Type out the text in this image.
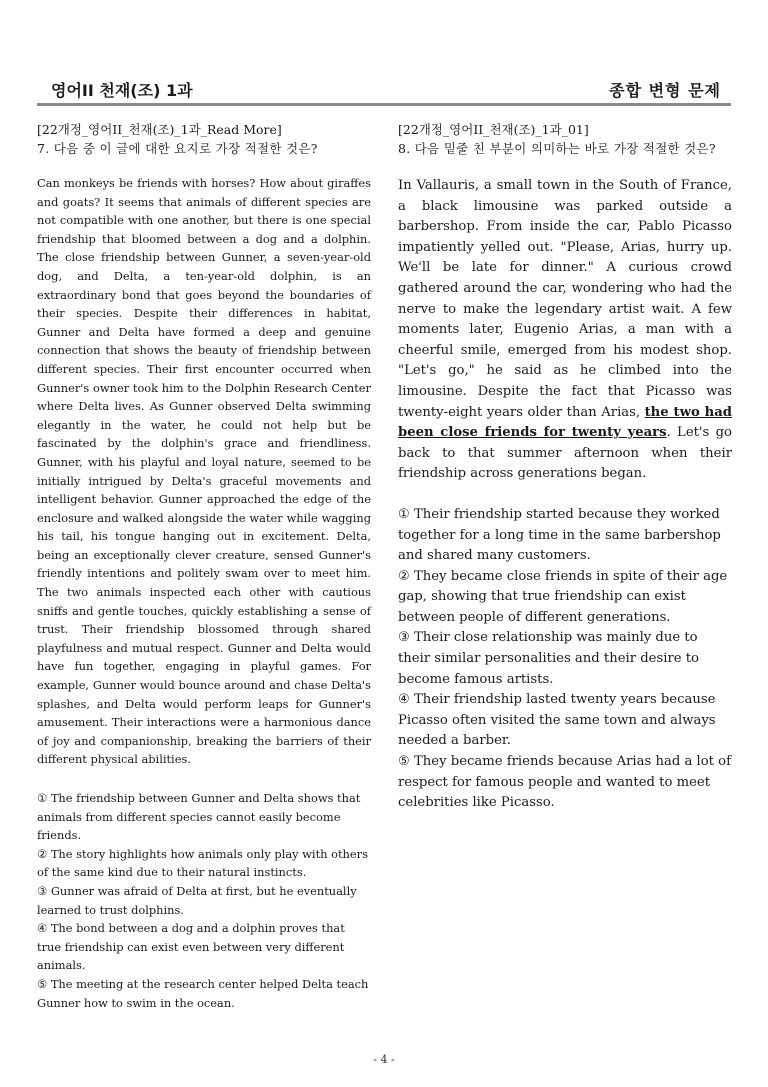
영어II 천재(조) 1과	종합 변형 문제

[22개정_영어II_천재(조)_1과_Read More]

7. 다음 중 이 글에 대한 요지로 가장 적절한 것은?

Can monkeys be friends with horses? How about giraffes and goats? It seems that animals of different species are not compatible with one another, but there is one special friendship that bloomed between a dog and a dolphin. The close friendship between Gunner, a seven-year-old dog, and Delta, a ten-year-old dolphin, is an extraordinary bond that goes beyond the boundaries of their species. Despite their differences in habitat, Gunner and Delta have formed a deep and genuine connection that shows the beauty of friendship between different species. Their first encounter occurred when Gunner's owner took him to the Dolphin Research Center where Delta lives. As Gunner observed Delta swimming elegantly in the water, he could not help but be fascinated by the dolphin's grace and friendliness. Gunner, with his playful and loyal nature, seemed to be initially intrigued by Delta's graceful movements and intelligent behavior. Gunner approached the edge of the enclosure and walked alongside the water while wagging his tail, his tongue hanging out in excitement. Delta, being an exceptionally clever creature, sensed Gunner's friendly intentions and politely swam over to meet him. The two animals inspected each other with cautious sniffs and gentle touches, quickly establishing a sense of trust. Their friendship blossomed through shared playfulness and mutual respect. Gunner and Delta would have fun together, engaging in playful games. For example, Gunner would bounce around and chase Delta's splashes, and Delta would perform leaps for Gunner's amusement. Their interactions were a harmonious dance of joy and companionship, breaking the barriers of their different physical abilities.

① The friendship between Gunner and Delta shows that animals from different species cannot easily become friends.

② The story highlights how animals only play with others of the same kind due to their natural instincts.

③ Gunner was afraid of Delta at first, but he eventually learned to trust dolphins.

④ The bond between a dog and a dolphin proves that true friendship can exist even between very different animals.

⑤ The meeting at the research center helped Delta teach Gunner how to swim in the ocean.

[22개정_영어II_천재(조)_1과_01]

8. 다음 밑줄 친 부분이 의미하는 바로 가장 적절한 것은?

In Vallauris, a small town in the South of France, a black limousine was parked outside a barbershop. From inside the car, Pablo Picasso impatiently yelled out. "Please, Arias, hurry up. We'll be late for dinner." A curious crowd gathered around the car, wondering who had the nerve to make the legendary artist wait. A few moments later, Eugenio Arias, a man with a cheerful smile, emerged from his modest shop. "Let's go," he said as he climbed into the limousine. Despite the fact that Picasso was twenty-eight years older than Arias, the two had been close friends for twenty years. Let's go back to that summer afternoon when their friendship across generations began.

① Their friendship started because they worked together for a long time in the same barbershop and shared many customers.

② They became close friends in spite of their age gap, showing that true friendship can exist between people of different generations.

③ Their close relationship was mainly due to their similar personalities and their desire to become famous artists.

④ Their friendship lasted twenty years because Picasso often visited the same town and always needed a barber.

⑤ They became friends because Arias had a lot of respect for famous people and wanted to meet celebrities like Picasso.

- 4 -
